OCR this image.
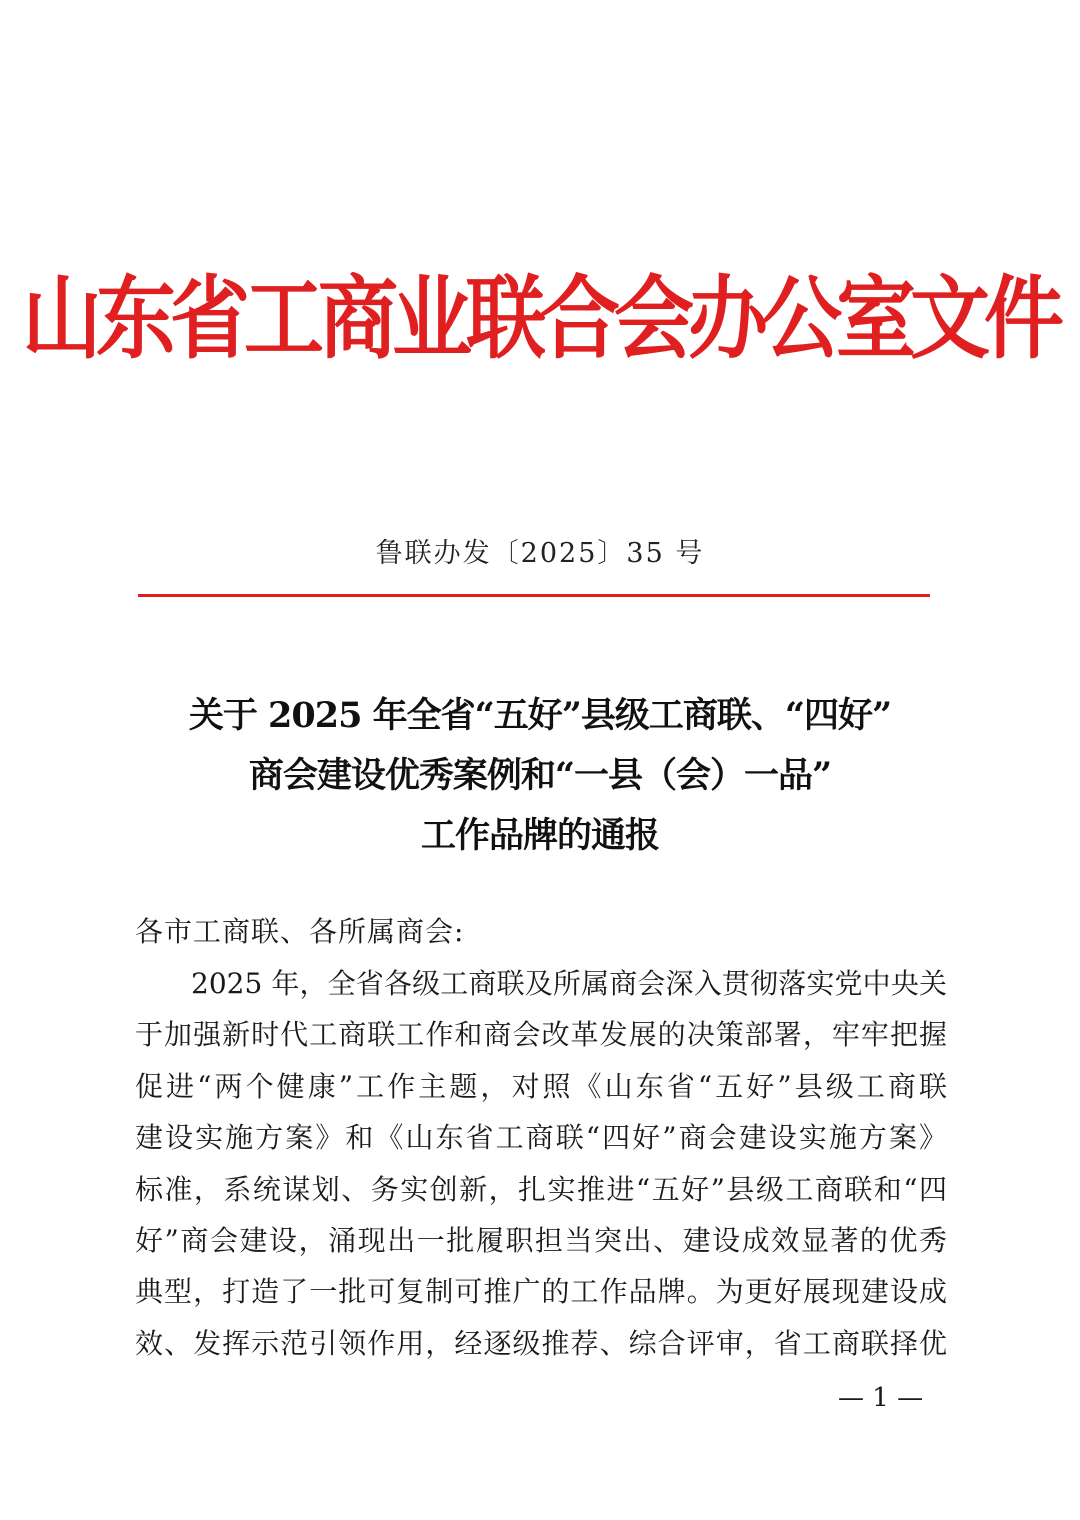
山东省工商业联合会办公室文件
鲁联办发〔2025〕35 号
关于 2025 年全省“五好”县级工商联、“四好”
商会建设优秀案例和“一县（会）一品”
工作品牌的通报
各市工商联、各所属商会:
2025 年，全省各级工商联及所属商会深入贯彻落实党中央关
于加强新时代工商联工作和商会改革发展的决策部署，牢牢把握
促进“两个健康”工作主题，对照《山东省“五好”县级工商联
建设实施方案》和《山东省工商联“四好”商会建设实施方案》
标准，系统谋划、务实创新，扎实推进“五好”县级工商联和“四
好”商会建设，涌现出一批履职担当突出、建设成效显著的优秀
典型，打造了一批可复制可推广的工作品牌。为更好展现建设成
效、发挥示范引领作用，经逐级推荐、综合评审，省工商联择优
— 1 —
